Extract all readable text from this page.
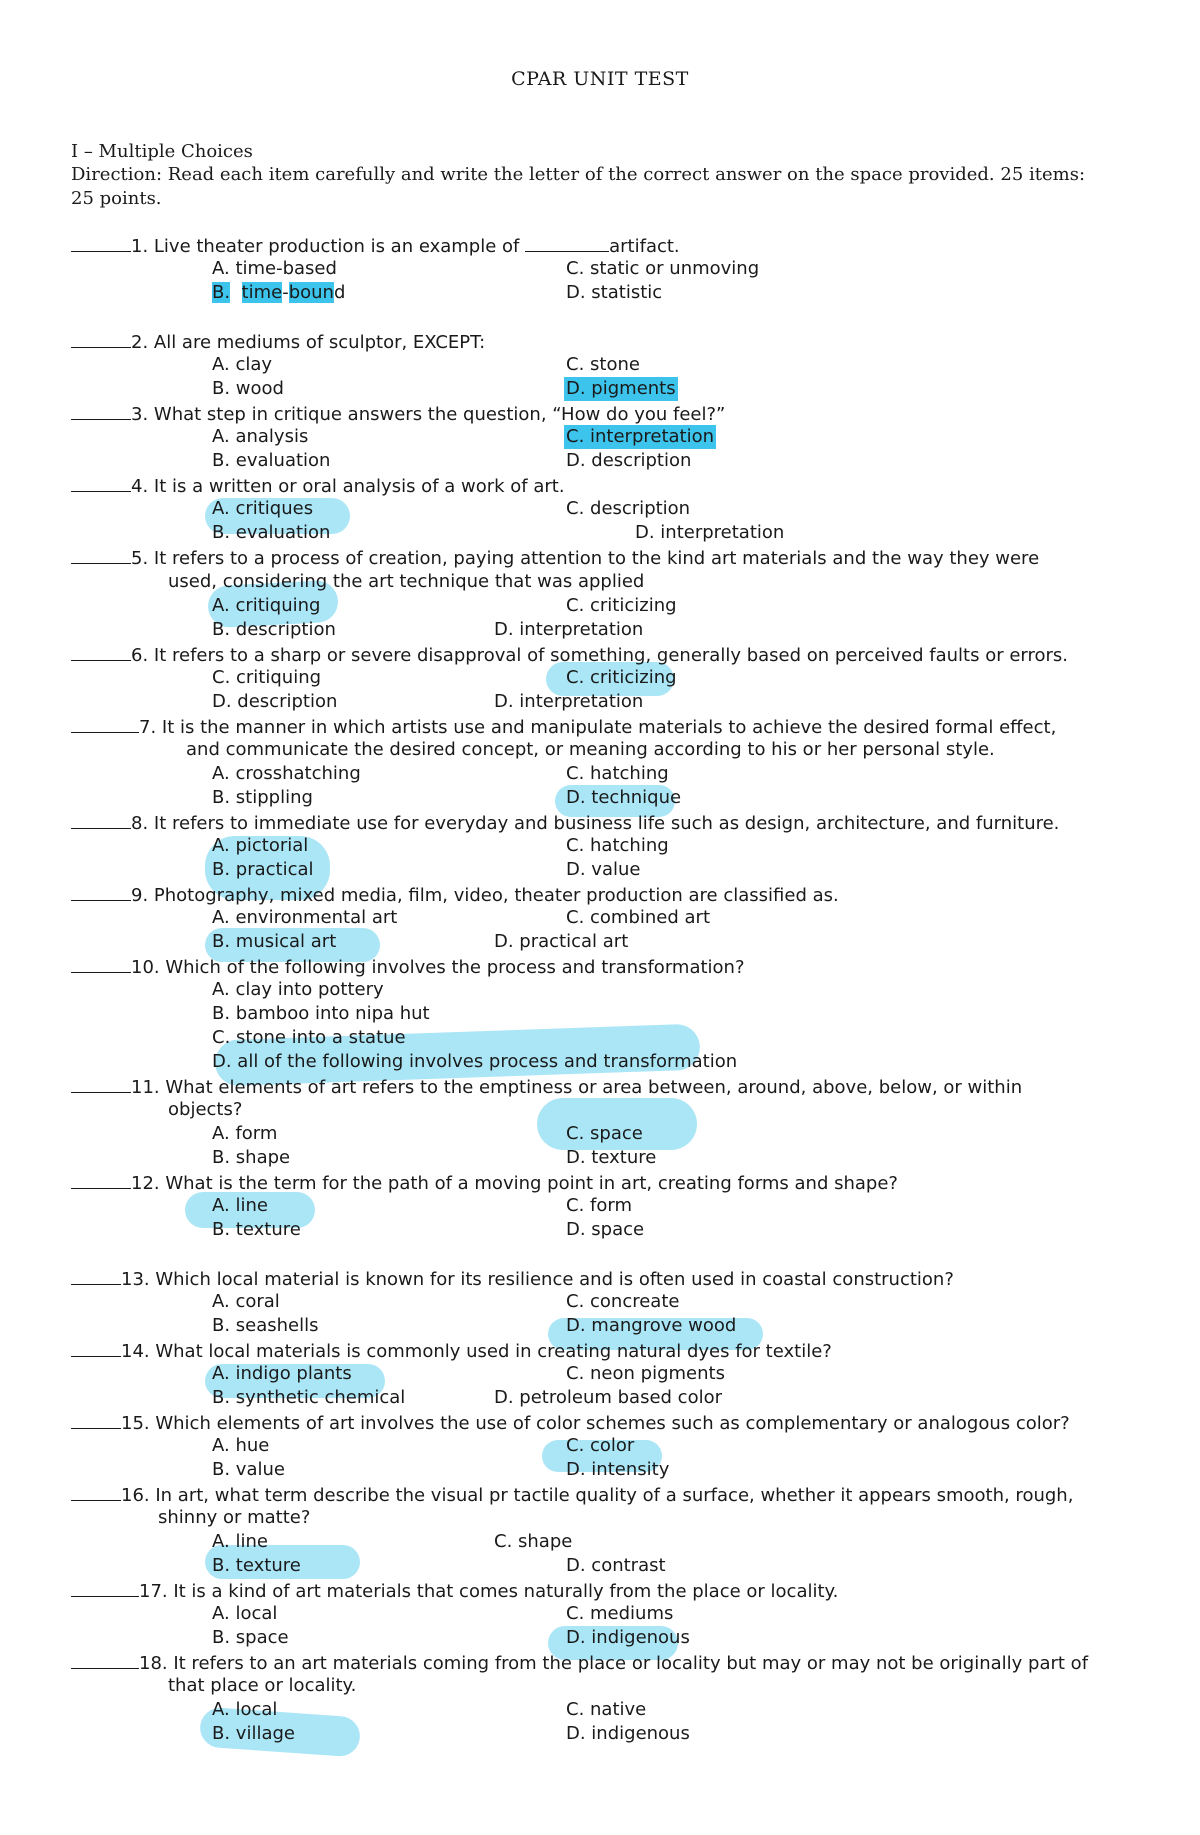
CPAR UNIT TEST
I – Multiple Choices
Direction: Read each item carefully and write the letter of the correct answer on the space provided. 25 items:
25 points.
1. Live theater production is an example of	artifact.
A. time-based	C. static or unmoving
B. time-bound	D. statistic
2. All are mediums of sculptor, EXCEPT:
A. clay	C. stone
B. wood	D. pigments
3. What step in critique answers the question, “How do you feel?”
A. analysis	C. interpretation
B. evaluation	D. description
4. It is a written or oral analysis of a work of art.
A. critiques	C. description
B. evaluation	D. interpretation
5. It refers to a process of creation, paying attention to the kind art materials and the way they were
used, considering the art technique that was applied
A. critiquing	C. criticizing
B. description	D. interpretation
6. It refers to a sharp or severe disapproval of something, generally based on perceived faults or errors.
C. critiquing	C. criticizing
D. description	D. interpretation
7. It is the manner in which artists use and manipulate materials to achieve the desired formal effect,
and communicate the desired concept, or meaning according to his or her personal style.
A. crosshatching	C. hatching
B. stippling	D. technique
8. It refers to immediate use for everyday and business life such as design, architecture, and furniture.
A. pictorial	C. hatching
B. practical	D. value
9. Photography, mixed media, film, video, theater production are classified as.
A. environmental art	C. combined art
B. musical art	D. practical art
10. Which of the following involves the process and transformation?
A. clay into pottery
B. bamboo into nipa hut
C. stone into a statue
D. all of the following involves process and transformation
11. What elements of art refers to the emptiness or area between, around, above, below, or within
objects?
A. form	C. space
B. shape	D. texture
12. What is the term for the path of a moving point in art, creating forms and shape?
A. line	C. form
B. texture	D. space
13. Which local material is known for its resilience and is often used in coastal construction?
A. coral	C. concreate
B. seashells	D. mangrove wood
14. What local materials is commonly used in creating natural dyes for textile?
A. indigo plants	C. neon pigments
B. synthetic chemical	D. petroleum based color
15. Which elements of art involves the use of color schemes such as complementary or analogous color?
A. hue	C. color
B. value	D. intensity
16. In art, what term describe the visual pr tactile quality of a surface, whether it appears smooth, rough,
shinny or matte?
A. line	C. shape
B. texture	D. contrast
17. It is a kind of art materials that comes naturally from the place or locality.
A. local	C. mediums
B. space	D. indigenous
18. It refers to an art materials coming from the place or locality but may or may not be originally part of
that place or locality.
A. local	C. native
B. village	D. indigenous
